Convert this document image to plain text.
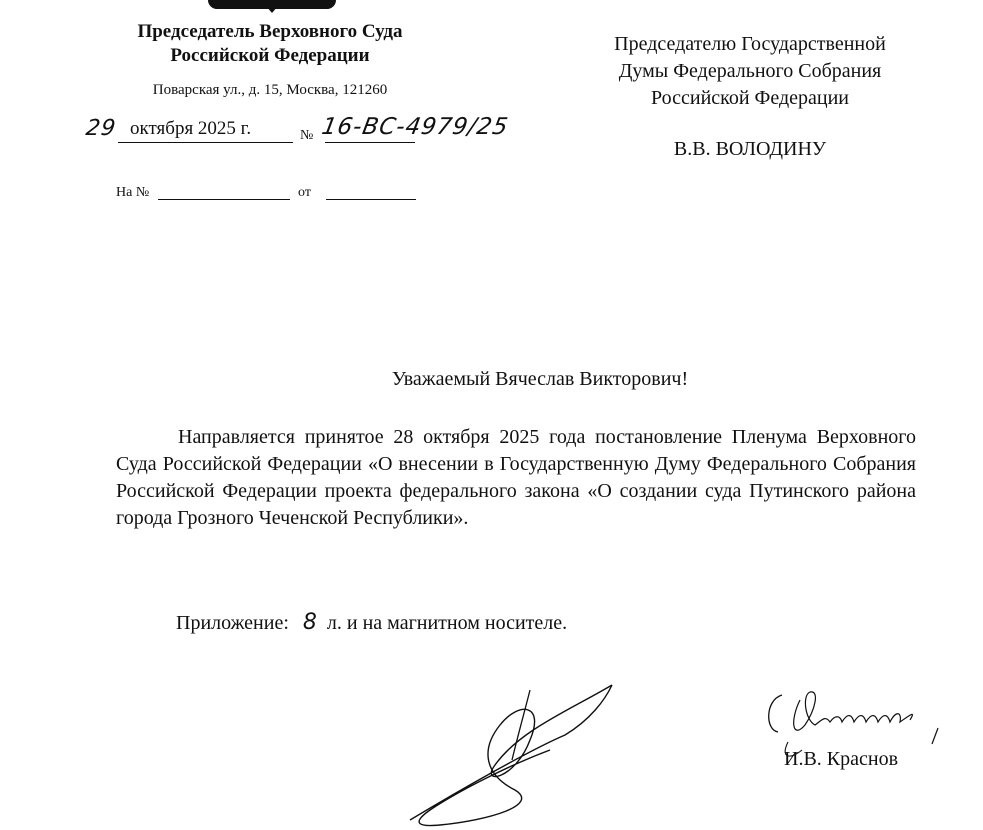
Председатель Верховного Суда
Российской Федерации
Поварская ул., д. 15, Москва, 121260
29 октября 2025 г.	№ 16-ВС-4979/25
На №	от
Председателю Государственной
Думы Федерального Собрания
Российской Федерации
В.В. ВОЛОДИНУ
Уважаемый Вячеслав Викторович!
Направляется принятое 28 октября 2025 года постановление Пленума Верховного Суда Российской Федерации «О внесении в Государственную Думу Федерального Собрания Российской Федерации проекта федерального закона «О создании суда Путинского района города Грозного Чеченской Республики».
Приложение: 8 л. и на магнитном носителе.
И.В. Краснов
